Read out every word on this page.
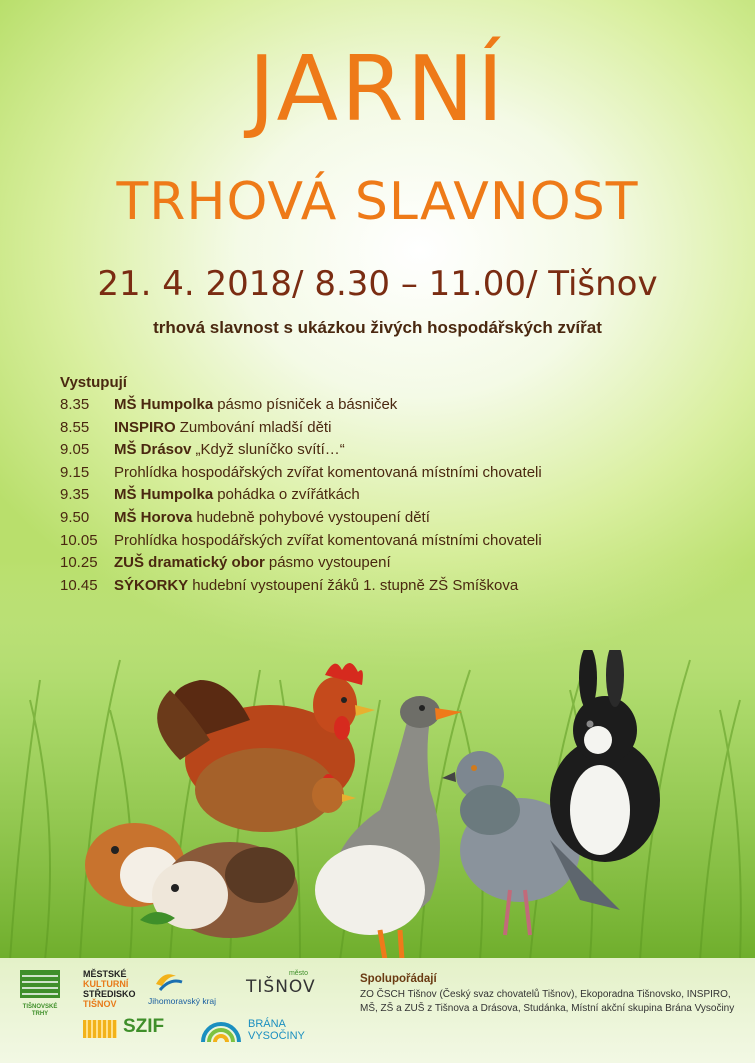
JARNÍ
TRHOVÁ SLAVNOST
21. 4. 2018/ 8.30 – 11.00/ Tišnov
trhová slavnost s ukázkou živých hospodářských zvířat
Vystupují
8.35	MŠ Humpolka pásmo písniček a básniček
8.55	INSPIRO Zumbování mladší děti
9.05	MŠ Drásov „Když sluníčko svítí…“
9.15	Prohlídka hospodářských zvířat komentovaná místními chovateli
9.35	MŠ Humpolka pohádka o zvířátkách
9.50	MŠ Horova hudebně pohybové vystoupení dětí
10.05	Prohlídka hospodářských zvířat komentovaná místními chovateli
10.25	ZUŠ dramatický obor pásmo vystoupení
10.45	SÝKORKY hudební vystoupení žáků 1. stupně ZŠ Smíškova
TIŠNOVSKÉ TRHY
MĚSTSKÉ
KULTURNÍ
STŘEDISKO
TIŠNOV	Jihomoravský kraj
město
TIŠNOV
SZIF	BRÁNA
VYSOČINY
Spolupořádají
ZO ČSCH Tišnov (Český svaz chovatelů Tišnov), Ekoporadna Tišnovsko, INSPIRO, MŠ, ZŠ a ZUŠ z Tišnova a Drásova, Studánka, Místní akční skupina Brána Vysočiny
